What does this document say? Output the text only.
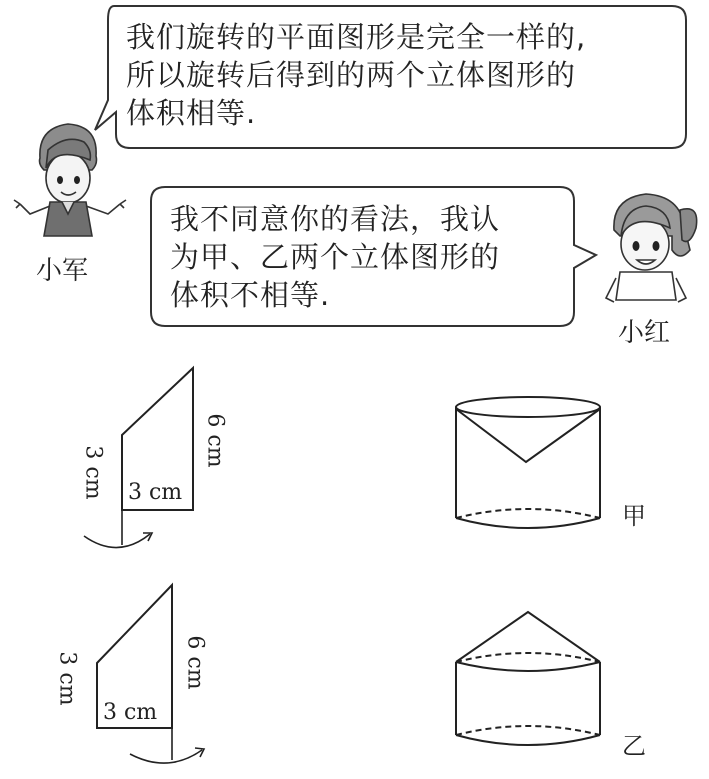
我们旋转的平面图形是完全一样的,
所以旋转后得到的两个立体图形的
体积相等.
我不同意你的看法，我认
为甲、乙两个立体图形的
体积不相等.
小军
小红
3 cm
3 cm
6 cm
3 cm
3 cm	6 cm
甲
乙
